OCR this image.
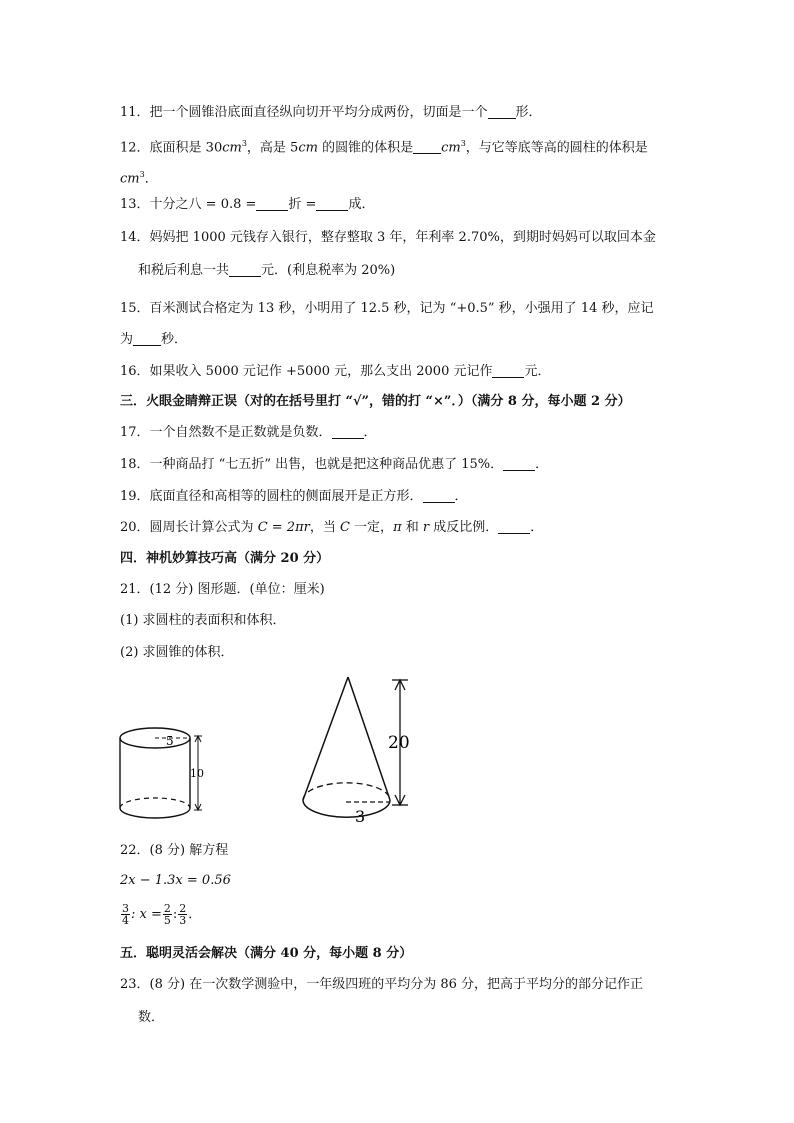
11．把一个圆锥沿底面直径纵向切开平均分成两份，切面是一个 形．
12．底面积是 $30cm^3$，高是 5cm 的圆锥的体积是 $cm^3$，与它等底等高的圆柱的体积是
$cm^3$．
13．十分之八 = 0.8 = 折 = 成．
14．妈妈把 1000 元钱存入银行，整存整取 3 年，年利率 2.70%，到期时妈妈可以取回本金
和税后利息一共 元．(利息税率为 20%)
15．百米测试合格定为 13 秒，小明用了 12.5 秒，记为 “+0.5” 秒，小强用了 14 秒，应记
为 秒．
16．如果收入 5000 元记作 +5000 元，那么支出 2000 元记作 元．
三．火眼金睛辩正误（对的在括号里打 “√”，错的打 “×”．）（满分 8 分，每小题 2 分）
17．一个自然数不是正数就是负数． ．
18．一种商品打 “七五折” 出售，也就是把这种商品优惠了 15%． ．
19．底面直径和高相等的圆柱的侧面展开是正方形． ．
20．圆周长计算公式为 C = 2πr，当 C 一定，π 和 r 成反比例． ．
四．神机妙算技巧高（满分 20 分）
21．(12 分) 图形题．(单位：厘米)
(1) 求圆柱的表面积和体积．
(2) 求圆锥的体积．
5
10
3
20
22．(8 分) 解方程
2x − 1.3x = 0.56
$\frac{3}{4}$ : $x = \frac{2}{5}$ : $\frac{2}{3}$ ．
五．聪明灵活会解决（满分 40 分，每小题 8 分）
23．(8 分) 在一次数学测验中，一年级四班的平均分为 86 分，把高于平均分的部分记作正
数．
